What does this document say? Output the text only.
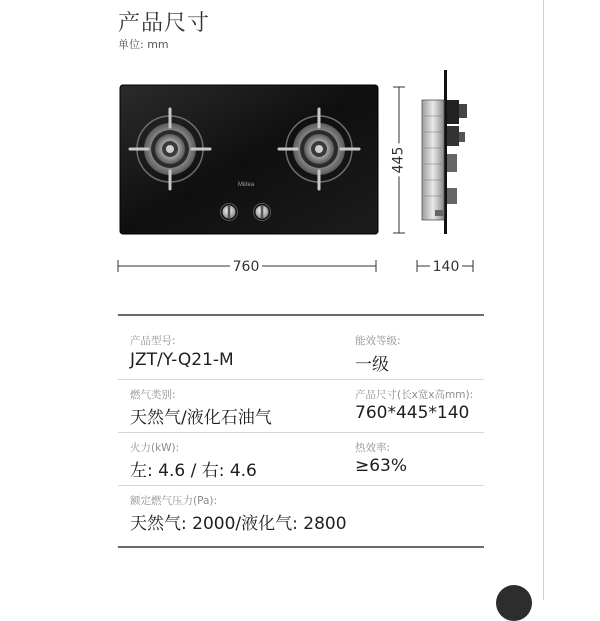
产品尺寸
单位: mm
Midea
445
760	140
产品型号:
JZT/Y-Q21-M
能效等级:
一级
燃气类别:
天然气/液化石油气
产品尺寸(长x宽x高mm):
760*445*140
火力(kW):
左: 4.6 / 右: 4.6
热效率:
≥63%
额定燃气压力(Pa):
天然气: 2000/液化气: 2800
